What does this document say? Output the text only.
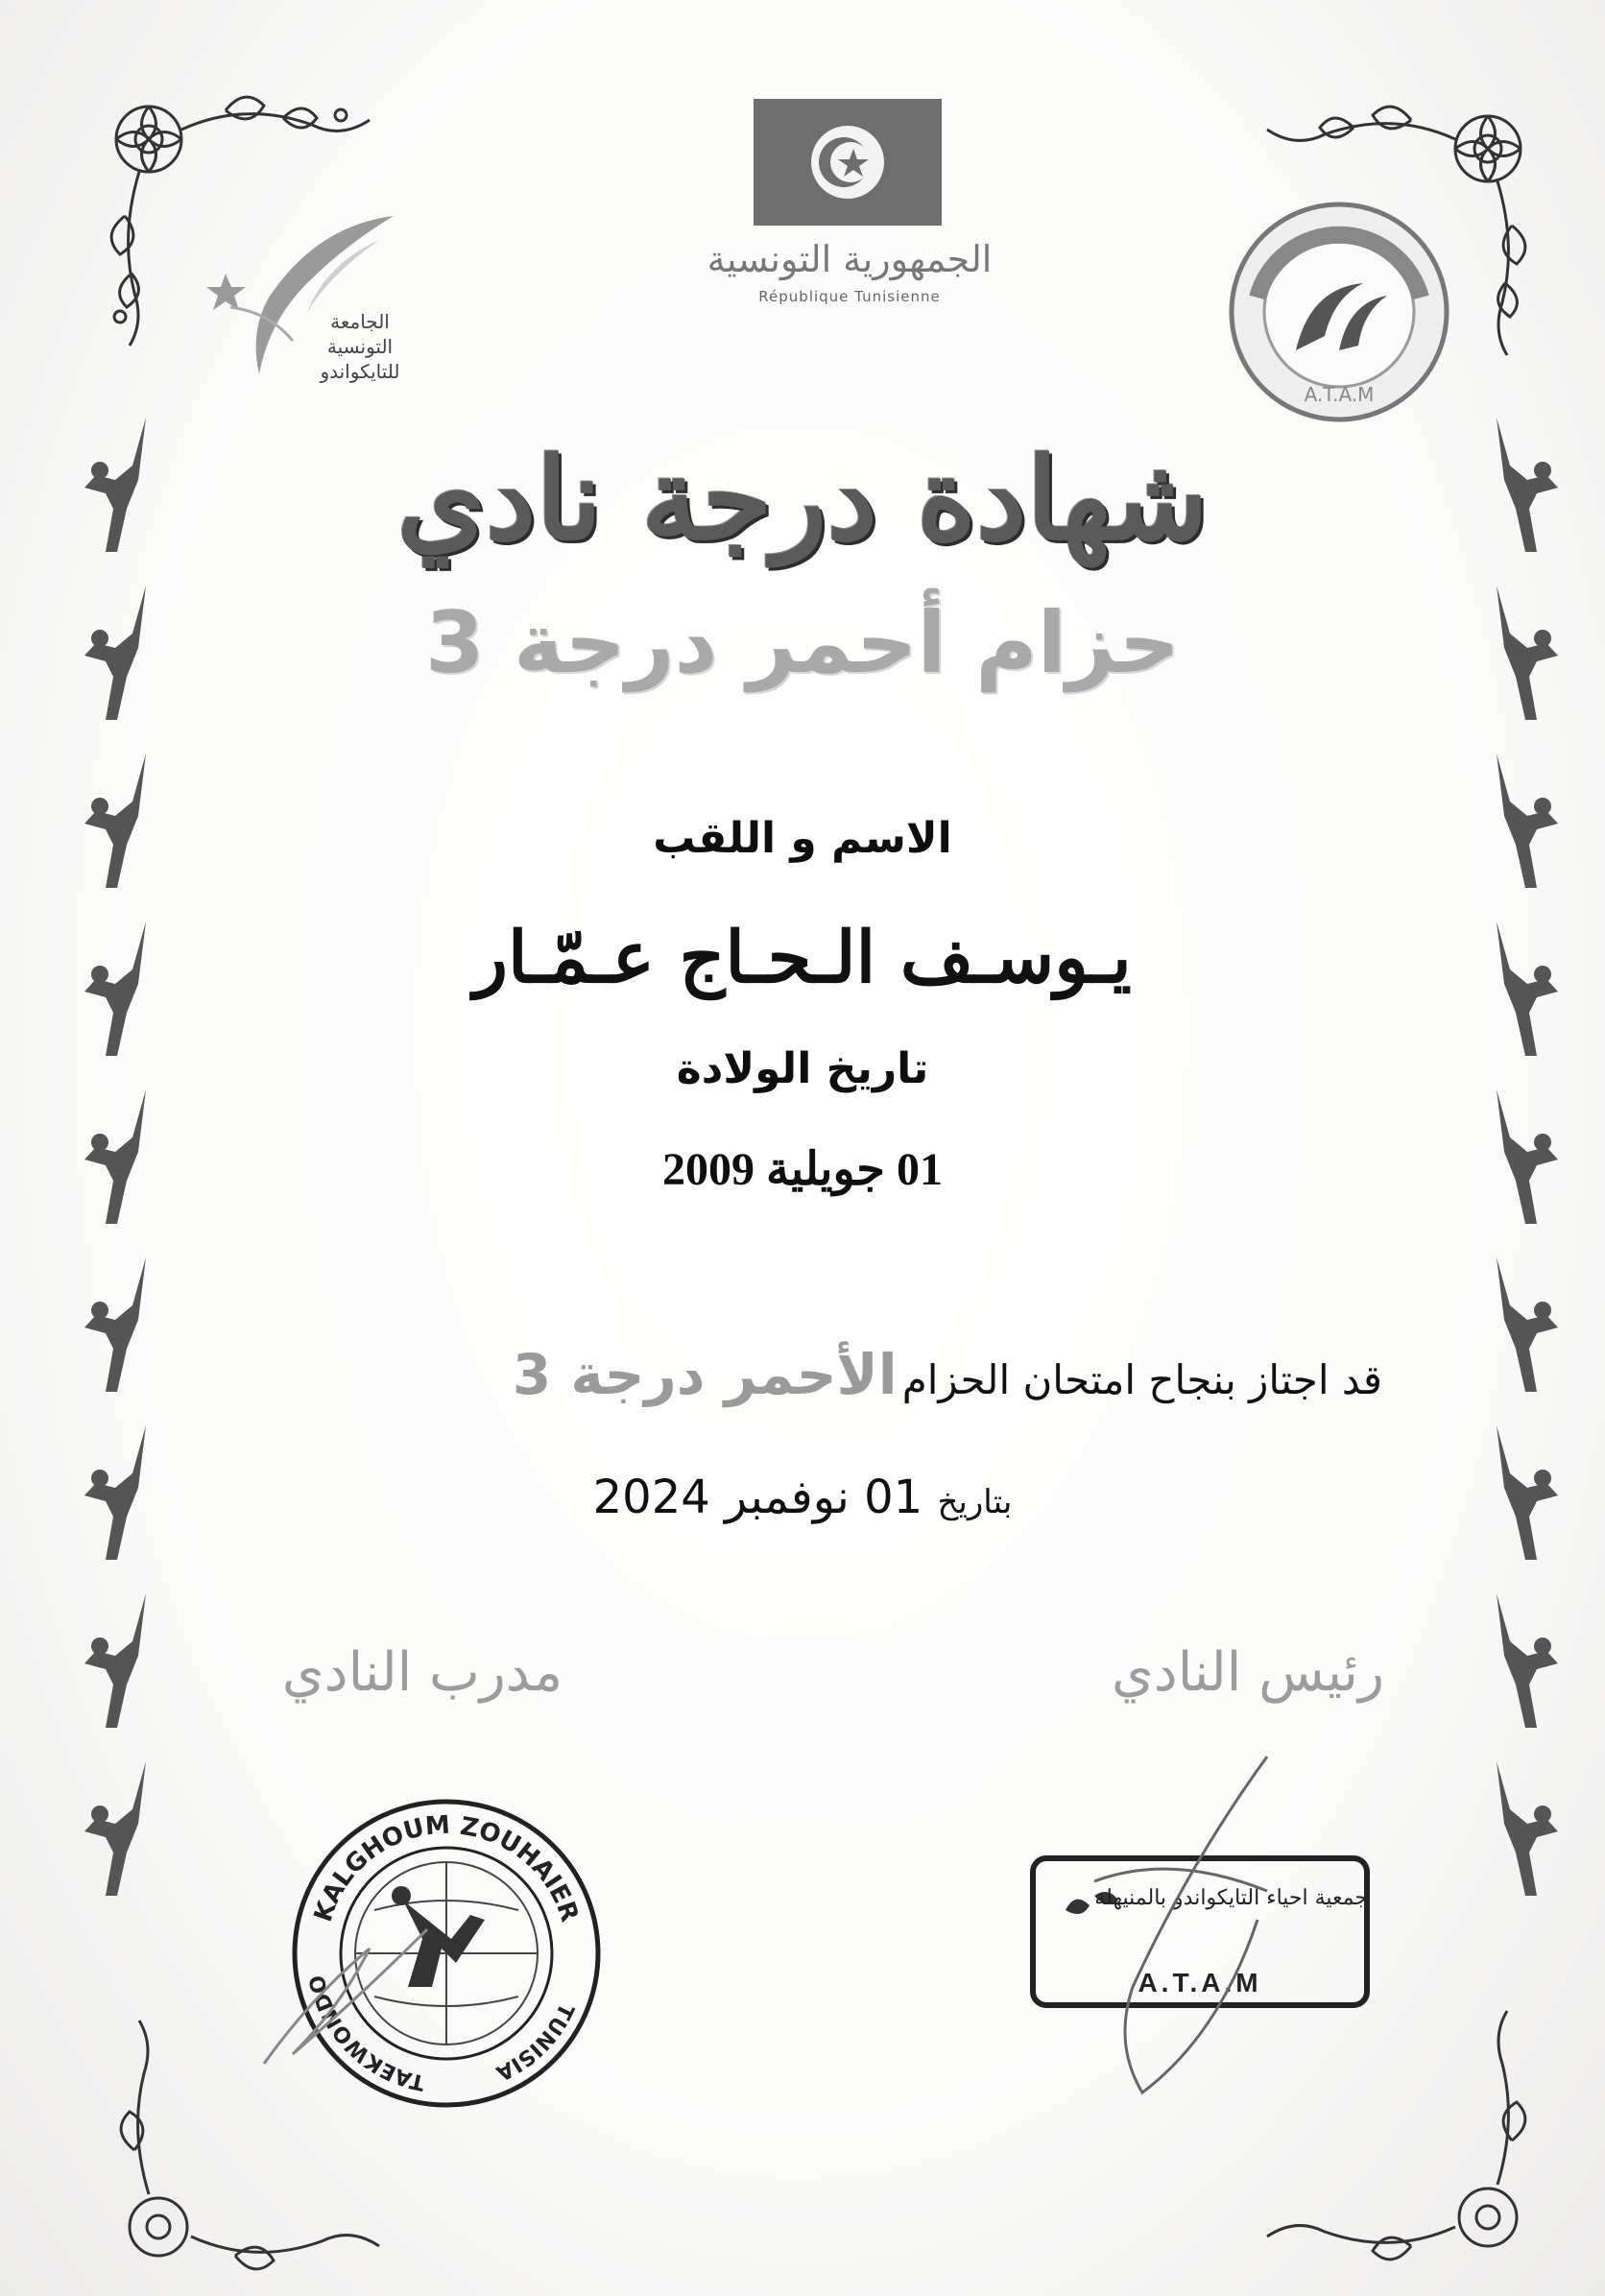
الجمهورية التونسية
République Tunisienne
الجامعة
التونسية
للتايكواندو
A.T.A.M
شهادة درجة نادي
حزام أحمر درجة 3
الاسم و اللقب
يـوسـف الـحـاج عـمّـار
تاريخ الولادة
01 جويلية 2009
قد اجتاز بنجاح امتحان الحزام الأحمر درجة 3
بتاريخ 01 نوفمبر 2024
مدرب النادي	رئيس النادي
KALGHOUM ZOUHAIER
TAEKWONDO
TUNISIA
جمعية احياء التايكواندو بالمنيهلة
A.T.A.M
